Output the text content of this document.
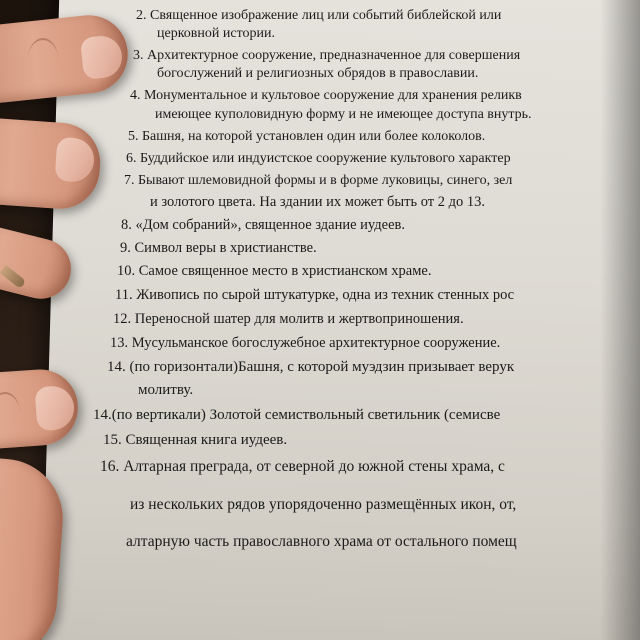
2. Священное изображение лиц или событий библейской или
церковной истории.
3. Архитектурное сооружение, предназначенное для совершения
богослужений и религиозных обрядов в православии.
4. Монументальное и культовое сооружение для хранения реликв
имеющее куполовидную форму и не имеющее доступа внутрь.
5. Башня, на которой установлен один или более колоколов.
6. Буддийское или индуистское сооружение культового характер
7. Бывают шлемовидной формы и в форме луковицы, синего, зел
и золотого цвета. На здании их может быть от 2 до 13.
8. «Дом собраний», священное здание иудеев.
9. Символ веры в христианстве.
10. Самое священное место в христианском храме.
11. Живопись по сырой штукатурке, одна из техник стенных рос
12. Переносной шатер для молитв и жертвоприношения.
13. Мусульманское богослужебное архитектурное сооружение.
14. (по горизонтали)Башня, с которой муэдзин призывает верук
молитву.
14.(по вертикали) Золотой семиствольный светильник (семисве
15. Священная книга иудеев.
16. Алтарная преграда, от северной до южной стены храма, с
из нескольких рядов упорядоченно размещённых икон, от,
алтарную часть православного храма от остального помещ
